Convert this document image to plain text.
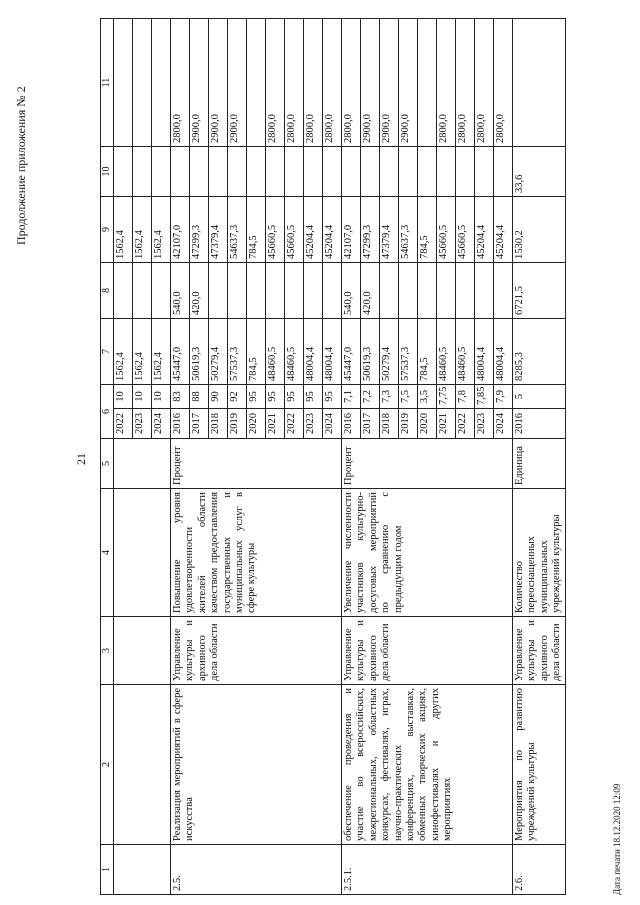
Продолжение приложения № 2
21
1	2	3	4	5	6		7	8	9	10	11
					2022	10	1562,4		1562,4		
					2023	10	1562,4		1562,4		
					2024	10	1562,4		1562,4		
2.5.	Реализация мероприятий в сфере искусства	Управление культуры и архивного дела области	Повышение уровня удовлетворенности жителей области качеством предоставления государственных и муниципальных услуг в сфере культуры	Процент	2016	83	45447,0	540,0	42107,0		2800,0
					2017	88	50619,3	420,0	47299,3		2900,0
					2018	90	50279,4		47379,4		2900,0
					2019	92	57537,3		54637,3		2900,0
					2020	95	784,5		784,5		
					2021	95	48460,5		45660,5		2800,0
					2022	95	48460,5		45660,5		2800,0
					2023	95	48004,4		45204,4		2800,0
					2024	95	48004,4		45204,4		2800,0
2.5.1.	обеспечение проведения и участие во всероссийских, межрегиональных, областных конкурсах, фестивалях, играх, научно-практических конференциях, выставках, обменных творческих акциях, кинофестивалях и других мероприятиях	Управление культуры и архивного дела области	Увеличение численности участников культурно-досуговых мероприятий по сравнению с предыдущим годом	Процент	2016	7,1	45447,0	540,0	42107,0		2800,0
					2017	7,2	50619,3	420,0	47299,3		2900,0
					2018	7,3	50279,4		47379,4		2900,0
					2019	7,5	57537,3		54637,3		2900,0
					2020	3,5	784,5		784,5		
					2021	7,75	48460,5		45660,5		2800,0
					2022	7,8	48460,5		45660,5		2800,0
					2023	7,85	48004,4		45204,4		2800,0
					2024	7,9	48004,4		45204,4		2800,0
2.6.	Мероприятия по развитию учреждений культуры	Управление культуры и архивного дела области	Количество переоснащенных муниципальных учреждений культуры	Единица	2016	5	8285,3	6721,5	1530,2	33,6	
Дата печати 18.12.2020 12:09
